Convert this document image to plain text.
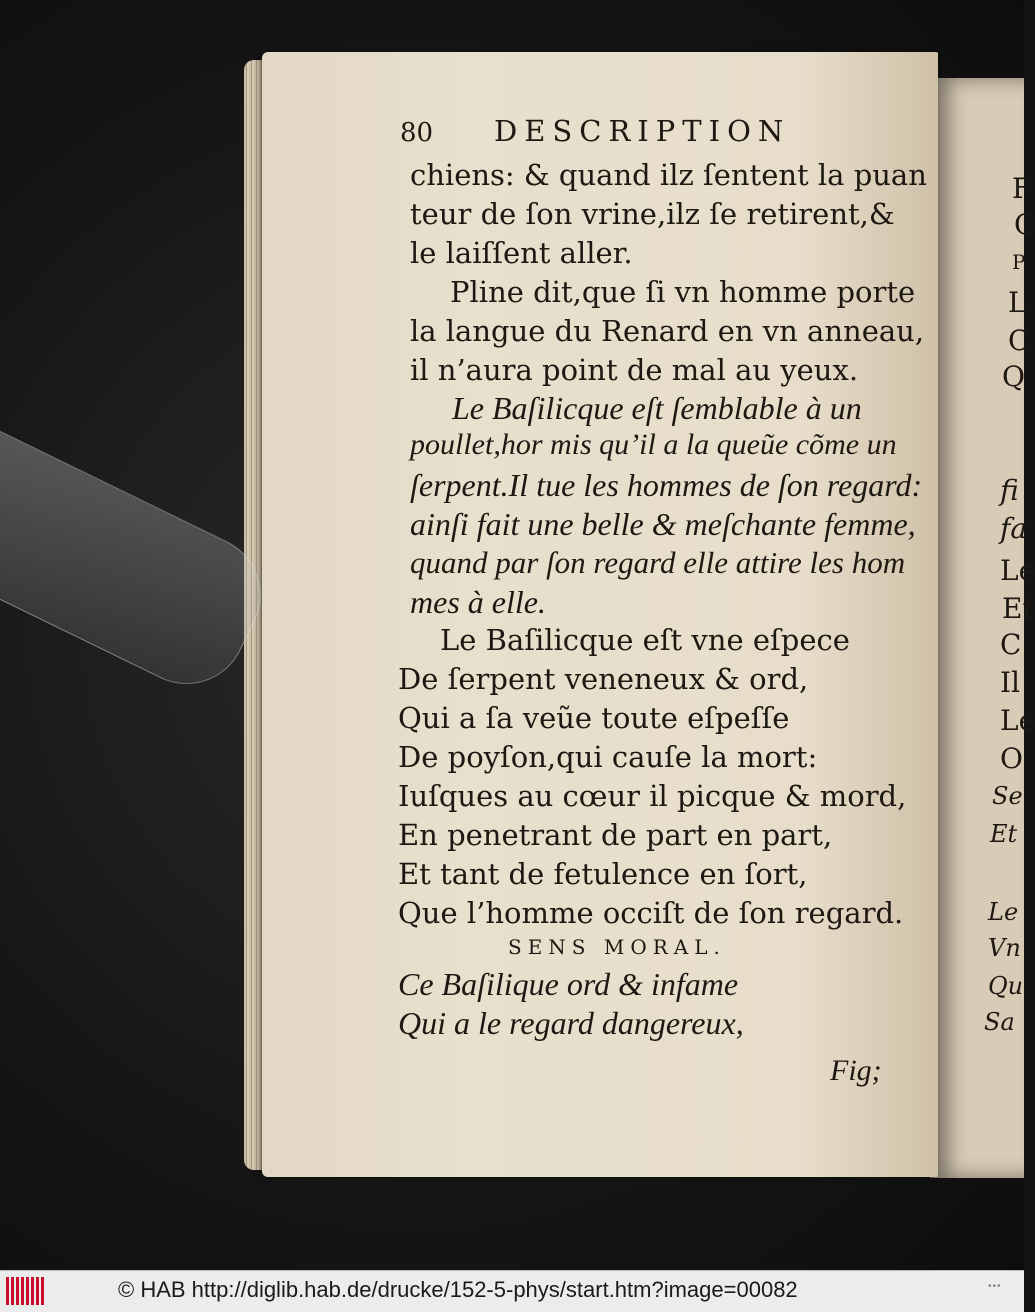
F
C
P
L
C
Q
fi
fa
Le
Et
C
Il
Le
O
Se
Et
Le
Vn
Qu
Sa
80 DESCRIPTION
chiens: & quand ilz ſentent la puan
teur de ſon vrine,ilz ſe retirent,&
le laiſſent aller.
Pline dit,que ſi vn homme porte
la langue du Renard en vn anneau,
il n’aura point de mal au yeux.
Le Baſilicque eſt ſemblable à un
poullet,hor mis qu’il a la queũe cõme un
ſerpent.Il tue les hommes de ſon regard:
ainſi fait une belle & meſchante femme,
quand par ſon regard elle attire les hom
mes à elle.
Le Baſilicque eſt vne eſpece
De ſerpent veneneux & ord,
Qui a ſa veũe toute eſpeſſe
De poyſon,qui cauſe la mort:
Iuſques au cœur il picque & mord,
En penetrant de part en part,
Et tant de fetulence en ſort,
Que l’homme occiſt de ſon regard.
SENS MORAL.
Ce Baſilique ord & infame
Qui a le regard dangereux,
Fig;
© HAB http://diglib.hab.de/drucke/152-5-phys/start.htm?image=00082	•••
